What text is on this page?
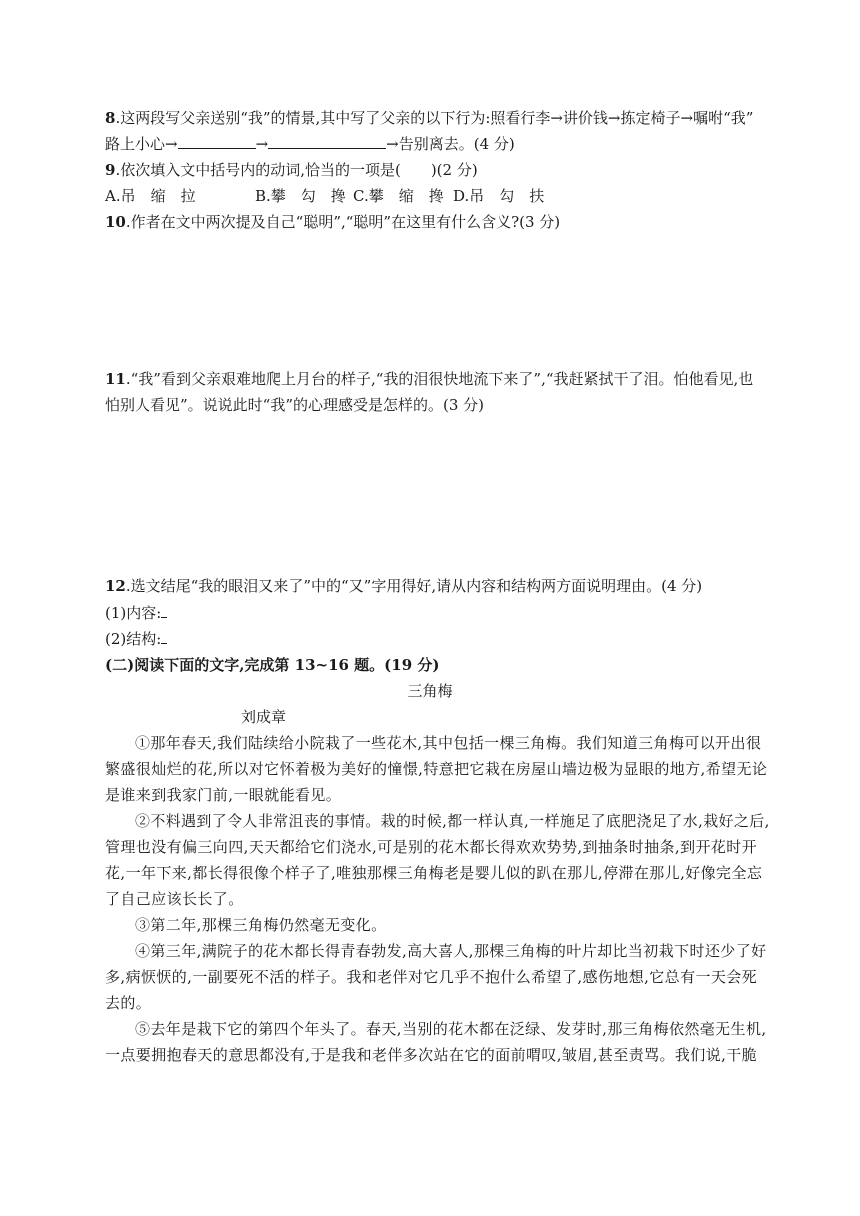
8.这两段写父亲送别“我”的情景,其中写了父亲的以下行为:照看行李→讲价钱→拣定椅子→嘱咐“我”
路上小心→	→	→告别离去。(4 分)
9.依次填入文中括号内的动词,恰当的一项是(　　)(2 分)
A.吊　缩　拉	B.攀　勾　搀 C.攀　缩　搀 D.吊　勾　扶
10.作者在文中两次提及自己“聪明”,“聪明”在这里有什么含义?(3 分)
11.“我”看到父亲艰难地爬上月台的样子,“我的泪很快地流下来了”,“我赶紧拭干了泪。怕他看见,也
怕别人看见”。说说此时“我”的心理感受是怎样的。(3 分)
12.选文结尾“我的眼泪又来了”中的“又”字用得好,请从内容和结构两方面说明理由。(4 分)
(1)内容:
(2)结构:
(二)阅读下面的文字,完成第 13~16 题。(19 分)
三角梅
刘成章
①那年春天,我们陆续给小院栽了一些花木,其中包括一棵三角梅。我们知道三角梅可以开出很
繁盛很灿烂的花,所以对它怀着极为美好的憧憬,特意把它栽在房屋山墙边极为显眼的地方,希望无论
是谁来到我家门前,一眼就能看见。
②不料遇到了令人非常沮丧的事情。栽的时候,都一样认真,一样施足了底肥浇足了水,栽好之后,
管理也没有偏三向四,天天都给它们浇水,可是别的花木都长得欢欢势势,到抽条时抽条,到开花时开
花,一年下来,都长得很像个样子了,唯独那棵三角梅老是婴儿似的趴在那儿,停滞在那儿,好像完全忘
了自己应该长长了。
③第二年,那棵三角梅仍然毫无变化。
④第三年,满院子的花木都长得青春勃发,高大喜人,那棵三角梅的叶片却比当初栽下时还少了好
多,病恹恹的,一副要死不活的样子。我和老伴对它几乎不抱什么希望了,感伤地想,它总有一天会死
去的。
⑤去年是栽下它的第四个年头了。春天,当别的花木都在泛绿、发芽时,那三角梅依然毫无生机,
一点要拥抱春天的意思都没有,于是我和老伴多次站在它的面前喟叹,皱眉,甚至责骂。我们说,干脆
